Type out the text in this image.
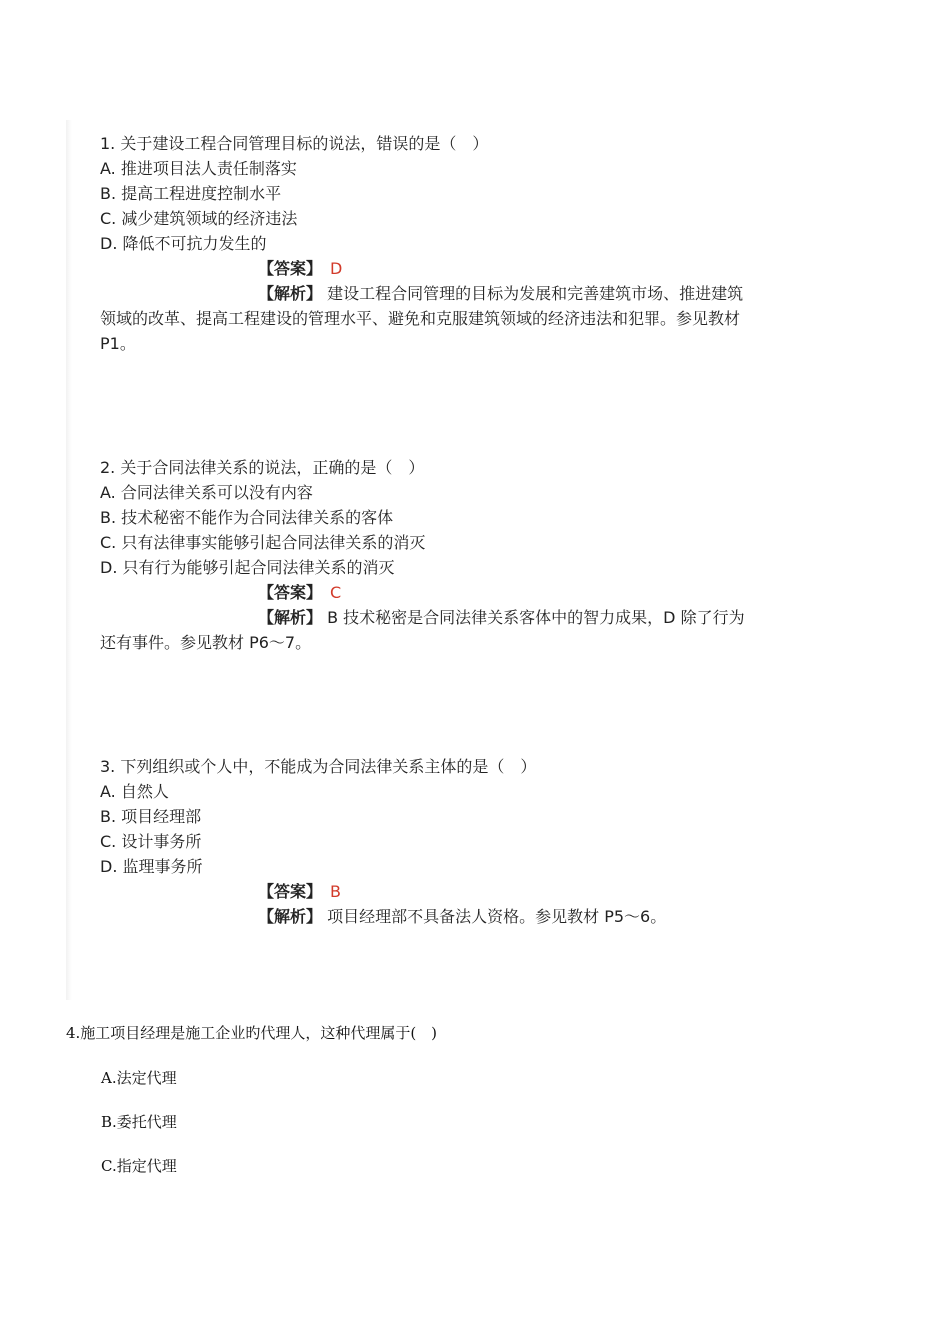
1. 关于建设工程合同管理目标的说法，错误的是（　）
A. 推进项目法人责任制落实
B. 提高工程进度控制水平
C. 减少建筑领域的经济违法
D. 降低不可抗力发生的
【答案】 D
【解析】 建设工程合同管理的目标为发展和完善建筑市场、推进建筑
领域的改革、提高工程建设的管理水平、避免和克服建筑领域的经济违法和犯罪。参见教材
P1。
2. 关于合同法律关系的说法，正确的是（　）
A. 合同法律关系可以没有内容
B. 技术秘密不能作为合同法律关系的客体
C. 只有法律事实能够引起合同法律关系的消灭
D. 只有行为能够引起合同法律关系的消灭
【答案】 C
【解析】 B 技术秘密是合同法律关系客体中的智力成果，D 除了行为
还有事件。参见教材 P6～7。
3. 下列组织或个人中，不能成为合同法律关系主体的是（　）
A. 自然人
B. 项目经理部
C. 设计事务所
D. 监理事务所
【答案】 B
【解析】 项目经理部不具备法人资格。参见教材 P5～6。
4.施工项目经理是施工企业旳代理人，这种代理属于(　)
A.法定代理
B.委托代理
C.指定代理
